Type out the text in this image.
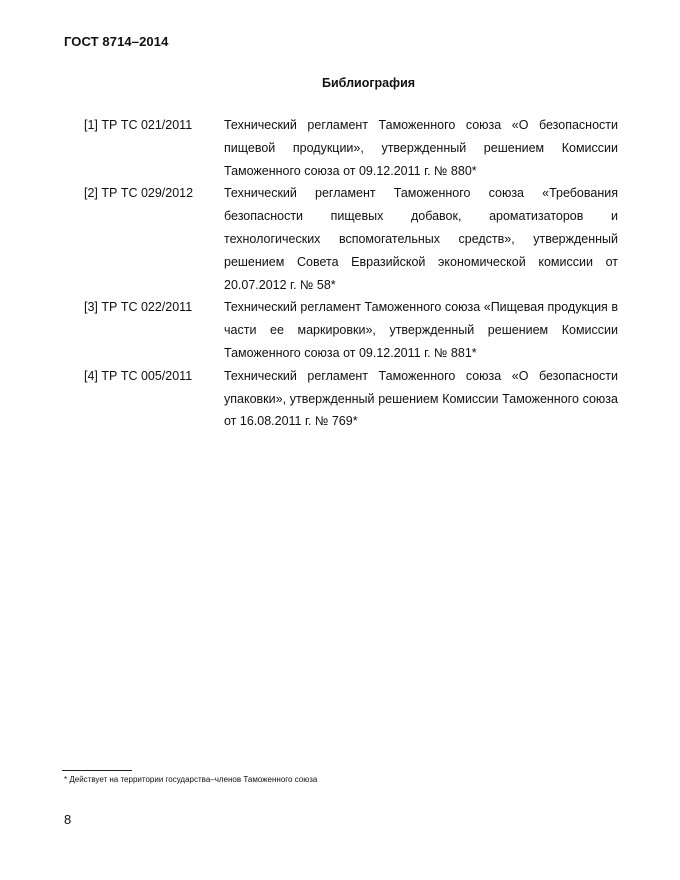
ГОСТ 8714–2014
Библиография
[1] ТР ТС 021/2011	Технический регламент Таможенного союза «О безопасности пищевой продукции», утвержденный решением Комиссии Таможенного союза от 09.12.2011 г. № 880*
[2] ТР ТС 029/2012	Технический регламент Таможенного союза «Требования безопасности пищевых добавок, ароматизаторов и технологических вспомогательных средств», утвержденный решением Совета Евразийской экономической комиссии от 20.07.2012 г. № 58*
[3] ТР ТС 022/2011	Технический регламент Таможенного союза «Пищевая продукция в части ее маркировки», утвержденный решением Комиссии Таможенного союза от 09.12.2011 г. № 881*
[4] ТР ТС 005/2011	Технический регламент Таможенного союза «О безопасности упаковки», утвержденный решением Комиссии Таможенного союза от 16.08.2011 г. № 769*
* Действует на территории государства–членов Таможенного союза
8
